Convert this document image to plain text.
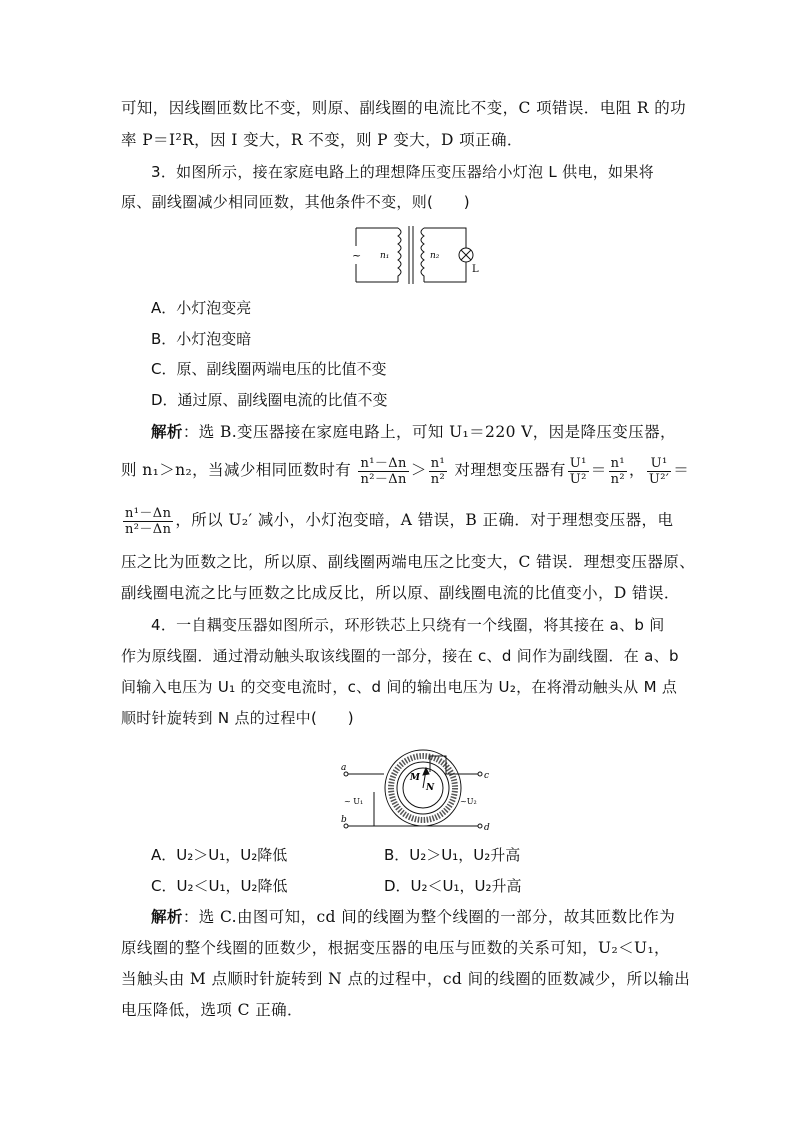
可知，因线圈匝数比不变，则原、副线圈的电流比不变，C 项错误．电阻 R 的功
率 P＝I²R，因 I 变大，R 不变，则 P 变大，D 项正确．
3．如图所示，接在家庭电路上的理想降压变压器给小灯泡 L 供电，如果将
原、副线圈减少相同匝数，其他条件不变，则(　　)
~ n₁	n₂
L
A．小灯泡变亮
B．小灯泡变暗
C．原、副线圈两端电压的比值不变
D．通过原、副线圈电流的比值不变
解析：选 B.变压器接在家庭电路上，可知 U₁＝220 V，因是降压变压器，
则 n₁＞n₂，当减少相同匝数时有 $\frac{\text{n¹－Δn}}{\text{n²－Δn}} > \frac{\text{n¹}}{\text{n²}}$ 对理想变压器有 $\frac{\text{U¹}}{\text{U²}} = \frac{\text{n¹}}{\text{n²}}$ ， $\frac{\text{U¹}}{\text{U²′}}$ ＝
$\frac{\text{n¹－Δn}}{\text{n²－Δn}}$ ，所以 U₂′ 减小，小灯泡变暗，A 错误，B 正确．对于理想变压器，电
压之比为匝数之比，所以原、副线圈两端电压之比变大，C 错误．理想变压器原、
副线圈电流之比与匝数之比成反比，所以原、副线圈电流的比值变小，D 错误．
4．一自耦变压器如图所示，环形铁芯上只绕有一个线圈，将其接在 a、b 间
作为原线圈．通过滑动触头取该线圈的一部分，接在 c、d 间作为副线圈．在 a、b
间输入电压为 U₁ 的交变电流时，c、d 间的输出电压为 U₂，在将滑动触头从 M 点
顺时针旋转到 N 点的过程中(　　)
a
b
c
d
M
N
~ U₁	~U₂
A．U₂＞U₁，U₂降低	B．U₂＞U₁，U₂升高
C．U₂＜U₁，U₂降低	D．U₂＜U₁，U₂升高
解析：选 C.由图可知，cd 间的线圈为整个线圈的一部分，故其匝数比作为
原线圈的整个线圈的匝数少，根据变压器的电压与匝数的关系可知，U₂＜U₁，
当触头由 M 点顺时针旋转到 N 点的过程中，cd 间的线圈的匝数减少，所以输出
电压降低，选项 C 正确．
